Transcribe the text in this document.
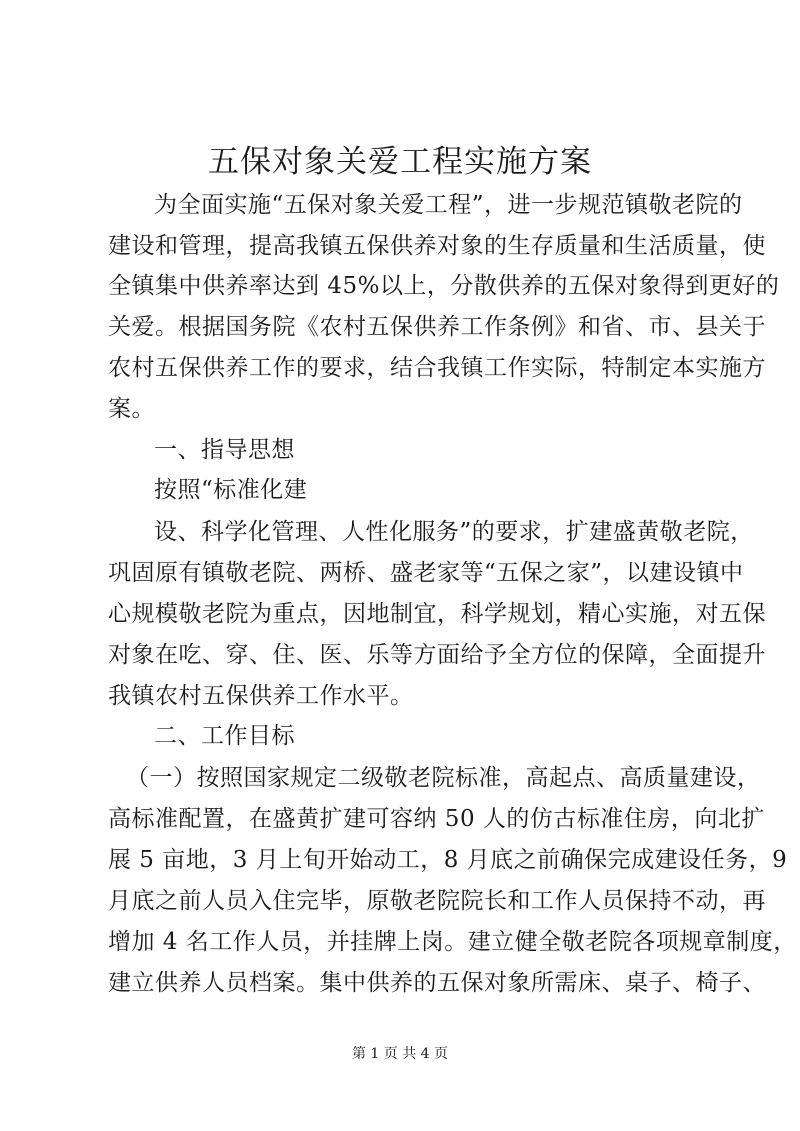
五保对象关爱工程实施方案
为全面实施“五保对象关爱工程”，进一步规范镇敬老院的
建设和管理，提高我镇五保供养对象的生存质量和生活质量，使
全镇集中供养率达到 45%以上，分散供养的五保对象得到更好的
关爱。根据国务院《农村五保供养工作条例》和省、市、县关于
农村五保供养工作的要求，结合我镇工作实际，特制定本实施方
案。
一、指导思想
按照“标准化建
设、科学化管理、人性化服务”的要求，扩建盛黄敬老院，
巩固原有镇敬老院、两桥、盛老家等“五保之家”，以建设镇中
心规模敬老院为重点，因地制宜，科学规划，精心实施，对五保
对象在吃、穿、住、医、乐等方面给予全方位的保障，全面提升
我镇农村五保供养工作水平。
二、工作目标
（一）按照国家规定二级敬老院标准，高起点、高质量建设，
高标准配置，在盛黄扩建可容纳 50 人的仿古标准住房，向北扩
展 5 亩地，3 月上旬开始动工，8 月底之前确保完成建设任务，9
月底之前人员入住完毕，原敬老院院长和工作人员保持不动，再
增加 4 名工作人员，并挂牌上岗。建立健全敬老院各项规章制度，
建立供养人员档案。集中供养的五保对象所需床、桌子、椅子、
第 1 页 共 4 页
